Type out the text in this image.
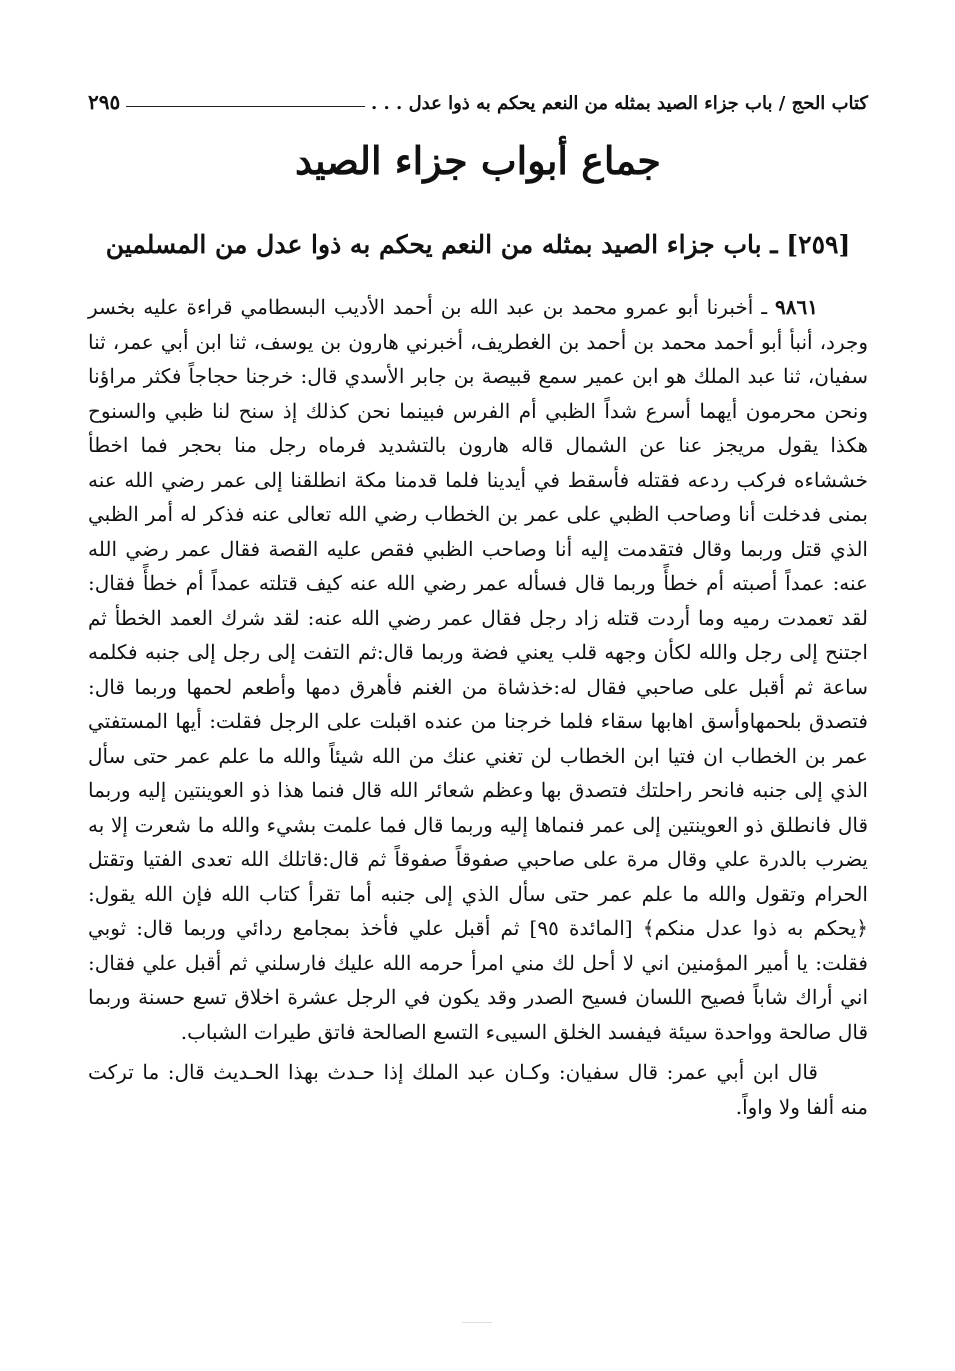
كتاب الحج / باب جزاء الصيد بمثله من النعم يحكم به ذوا عدل . . .
٢٩٥
جماع أبواب جزاء الصيد
[٢٥٩] ـ باب جزاء الصيد بمثله من النعم يحكم به ذوا عدل من المسلمين

٩٨٦١ ـ أخبرنا أبو عمرو محمد بن عبد الله بن أحمد الأديب البسطامي قراءة عليه بخسر وجرد، أنبأ أبو أحمد محمد بن أحمد بن الغطريف، أخبرني هارون بن يوسف، ثنا ابن أبي عمر، ثنا سفيان، ثنا عبد الملك هو ابن عمير سمع قبيصة بن جابر الأسدي قال: خرجنا حجاجاً فكثر مراؤنا ونحن محرمون أيهما أسرع شداً الظبي أم الفرس فبينما نحن كذلك إذ سنح لنا ظبي والسنوح هكذا يقول مريجز عنا عن الشمال قاله هارون بالتشديد فرماه رجل منا بحجر فما اخطأ خششاءه فركب ردعه فقتله فأسقط في أيدينا فلما قدمنا مكة انطلقنا إلى عمر رضي الله عنه بمنى فدخلت أنا وصاحب الظبي على عمر بن الخطاب رضي الله تعالى عنه فذكر له أمر الظبي الذي قتل وربما وقال فتقدمت إليه أنا وصاحب الظبي فقص عليه القصة فقال عمر رضي الله عنه: عمداً أصبته أم خطأً وربما قال فسأله عمر رضي الله عنه كيف قتلته عمداً أم خطأً فقال: لقد تعمدت رميه وما أردت قتله زاد رجل فقال عمر رضي الله عنه: لقد شرك العمد الخطأ ثم اجتنح إلى رجل والله لكأن وجهه قلب يعني فضة وربما قال:ثم التفت إلى رجل إلى جنبه فكلمه ساعة ثم أقبل على صاحبي فقال له:خذشاة من الغنم فأهرق دمها وأطعم لحمها وربما قال: فتصدق بلحمهاوأسق اهابها سقاء فلما خرجنا من عنده اقبلت على الرجل فقلت: أيها المستفتي عمر بن الخطاب ان فتيا ابن الخطاب لن تغني عنك من الله شيئاً والله ما علم عمر حتى سأل الذي إلى جنبه فانحر راحلتك فتصدق بها وعظم شعائر الله قال فنما هذا ذو العوينتين إليه وربما قال فانطلق ذو العوينتين إلى عمر فنماها إليه وربما قال فما علمت بشيء والله ما شعرت إلا به يضرب بالدرة علي وقال مرة على صاحبي صفوقاً صفوقاً ثم قال:قاتلك الله تعدى الفتيا وتقتل الحرام وتقول والله ما علم عمر حتى سأل الذي إلى جنبه أما تقرأ كتاب الله فإن الله يقول: ﴿يحكم به ذوا عدل منكم﴾ [المائدة ٩٥] ثم أقبل علي فأخذ بمجامع ردائي وربما قال: ثوبي فقلت: يا أمير المؤمنين اني لا أحل لك مني امرأ حرمه الله عليك فارسلني ثم أقبل علي فقال: اني أراك شاباً فصيح اللسان فسيح الصدر وقد يكون في الرجل عشرة اخلاق تسع حسنة وربما قال صالحة وواحدة سيئة فيفسد الخلق السيىء التسع الصالحة فاتق طيرات الشباب.

قال ابن أبي عمر: قال سفيان: وكـان عبد الملك إذا حـدث بهذا الحـديث قال: ما تركت منه ألفا ولا واواً.
